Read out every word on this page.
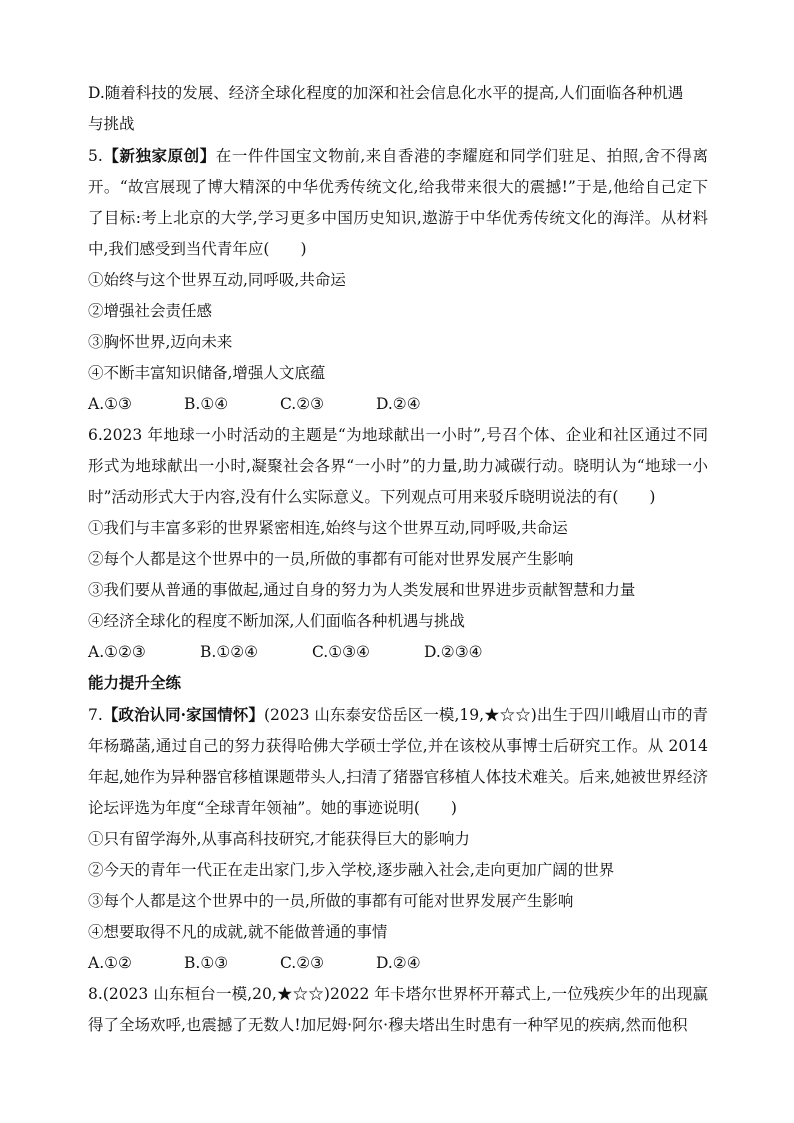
D.随着科技的发展、经济全球化程度的加深和社会信息化水平的提高,人们面临各种机遇
与挑战
5.【新独家原创】在一件件国宝文物前,来自香港的李耀庭和同学们驻足、拍照,舍不得离开。“故宫展现了博大精深的中华优秀传统文化,给我带来很大的震撼!”于是,他给自己定下了目标:考上北京的大学,学习更多中国历史知识,遨游于中华优秀传统文化的海洋。从材料中,我们感受到当代青年应(　　)
①始终与这个世界互动,同呼吸,共命运
②增强社会责任感
③胸怀世界,迈向未来
④不断丰富知识储备,增强人文底蕴
A.①③	B.①④	C.②③	D.②④
6.2023 年地球一小时活动的主题是“为地球献出一小时”,号召个体、企业和社区通过不同形式为地球献出一小时,凝聚社会各界“一小时”的力量,助力减碳行动。晓明认为“地球一小时”活动形式大于内容,没有什么实际意义。下列观点可用来驳斥晓明说法的有(　　)
①我们与丰富多彩的世界紧密相连,始终与这个世界互动,同呼吸,共命运
②每个人都是这个世界中的一员,所做的事都有可能对世界发展产生影响
③我们要从普通的事做起,通过自身的努力为人类发展和世界进步贡献智慧和力量
④经济全球化的程度不断加深,人们面临各种机遇与挑战
A.①②③	B.①②④	C.①③④	D.②③④
能力提升全练
7.【政治认同·家国情怀】(2023 山东泰安岱岳区一模,19,★☆☆)出生于四川峨眉山市的青年杨璐菡,通过自己的努力获得哈佛大学硕士学位,并在该校从事博士后研究工作。从 2014 年起,她作为异种器官移植课题带头人,扫清了猪器官移植人体技术难关。后来,她被世界经济论坛评选为年度“全球青年领袖”。她的事迹说明(　　)
①只有留学海外,从事高科技研究,才能获得巨大的影响力
②今天的青年一代正在走出家门,步入学校,逐步融入社会,走向更加广阔的世界
③每个人都是这个世界中的一员,所做的事都有可能对世界发展产生影响
④想要取得不凡的成就,就不能做普通的事情
A.①②	B.①③	C.②③	D.②④
8.(2023 山东桓台一模,20,★☆☆)2022 年卡塔尔世界杯开幕式上,一位残疾少年的出现赢得了全场欢呼,也震撼了无数人!加尼姆·阿尔·穆夫塔出生时患有一种罕见的疾病,然而他积
